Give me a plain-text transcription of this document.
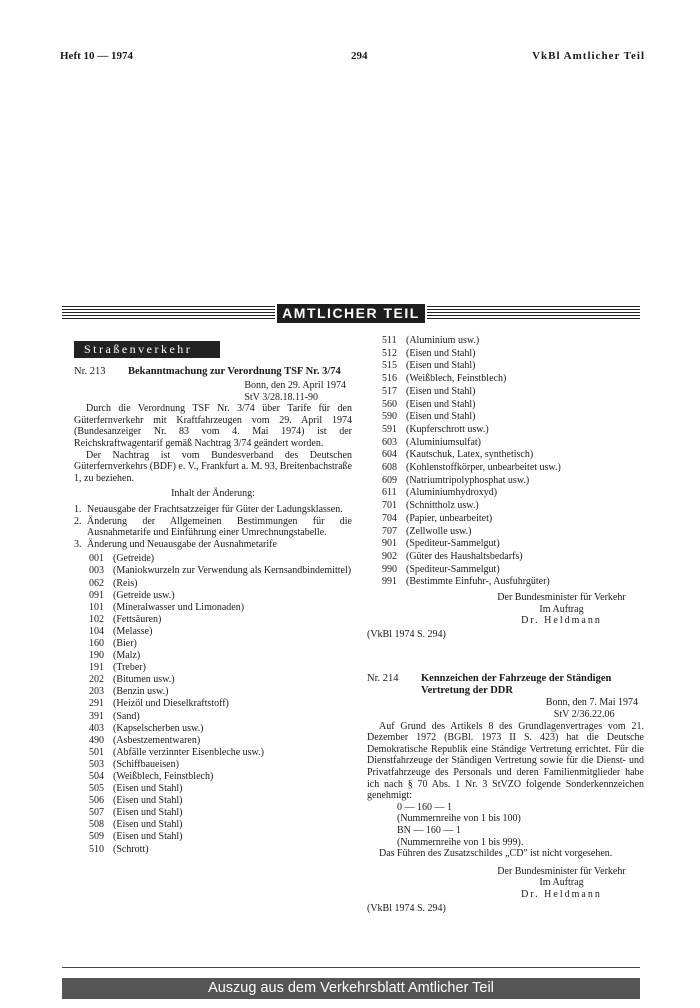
Heft 10 — 1974	294	VkBl Amtlicher Teil
AMTLICHER TEIL
Straßenverkehr
Nr. 213	Bekanntmachung zur Verordnung TSF Nr. 3/74
Bonn, den 29. April 1974
StV 3/28.18.11-90

Durch die Verordnung TSF Nr. 3/74 über Tarife für den Güterfernverkehr mit Kraftfahrzeugen vom 29. April 1974 (Bundesanzeiger Nr. 83 vom 4. Mai 1974) ist der Reichskraftwagentarif gemäß Nachtrag 3/74 geändert worden.

Der Nachtrag ist vom Bundesverband des Deutschen Güterfernverkehrs (BDF) e. V., Frankfurt a. M. 93, Breitenbachstraße 1, zu beziehen.

Inhalt der Änderung:

1. Neuausgabe der Frachtsatzzeiger für Güter der Ladungsklassen.
2. Änderung der Allgemeinen Bestimmungen für die Ausnahmetarife und Einführung einer Umrechnungstabelle.
3. Änderung und Neuausgabe der Ausnahmetarife
001 (Getreide)
003 (Maniokwurzeln zur Verwendung als Kernsandbindemittel)
062 (Reis)
091 (Getreide usw.)
101 (Mineralwasser und Limonaden)
102 (Fettsäuren)
104 (Melasse)
160 (Bier)
190 (Malz)
191 (Treber)
202 (Bitumen usw.)
203 (Benzin usw.)
291 (Heizöl und Dieselkraftstoff)
391 (Sand)
403 (Kapselscherben usw.)
490 (Asbestzementwaren)
501 (Abfälle verzinnter Eisenbleche usw.)
503 (Schiffbaueisen)
504 (Weißblech, Feinstblech)
505 (Eisen und Stahl)
506 (Eisen und Stahl)
507 (Eisen und Stahl)
508 (Eisen und Stahl)
509 (Eisen und Stahl)
510 (Schrott)
511 (Aluminium usw.)
512 (Eisen und Stahl)
515 (Eisen und Stahl)
516 (Weißblech, Feinstblech)
517 (Eisen und Stahl)
560 (Eisen und Stahl)
590 (Eisen und Stahl)
591 (Kupferschrott usw.)
603 (Aluminiumsulfat)
604 (Kautschuk, Latex, synthetisch)
608 (Kohlenstoffkörper, unbearbeitet usw.)
609 (Natriumtripolyphosphat usw.)
611 (Aluminiumhydroxyd)
701 (Schnittholz usw.)
704 (Papier, unbearbeitet)
707 (Zellwolle usw.)
901 (Spediteur-Sammelgut)
902 (Güter des Haushaltsbedarfs)
990 (Spediteur-Sammelgut)
991 (Bestimmte Einfuhr-, Ausfuhrgüter)
Der Bundesminister für Verkehr
Im Auftrag
Dr. Heldmann
(VkBl 1974 S. 294)
Nr. 214	Kennzeichen der Fahrzeuge der Ständigen Vertretung der DDR
Bonn, den 7. Mai 1974
StV 2/36.22.06

Auf Grund des Artikels 8 des Grundlagenvertrages vom 21. Dezember 1972 (BGBl. 1973 II S. 423) hat die Deutsche Demokratische Republik eine Ständige Vertretung errichtet. Für die Dienstfahrzeuge der Ständigen Vertretung sowie für die Dienst- und Privatfahrzeuge des Personals und deren Familienmitglieder habe ich nach § 70 Abs. 1 Nr. 3 StVZO folgende Sonderkennzeichen genehmigt:

0 — 160 — 1
(Nummernreihe von 1 bis 100)
BN — 160 — 1
(Nummernreihe von 1 bis 999).

Das Führen des Zusatzschildes „CD" ist nicht vorgesehen.

Der Bundesminister für Verkehr
Im Auftrag
Dr. Heldmann
(VkBl 1974 S. 294)
Auszug aus dem Verkehrsblatt Amtlicher Teil
